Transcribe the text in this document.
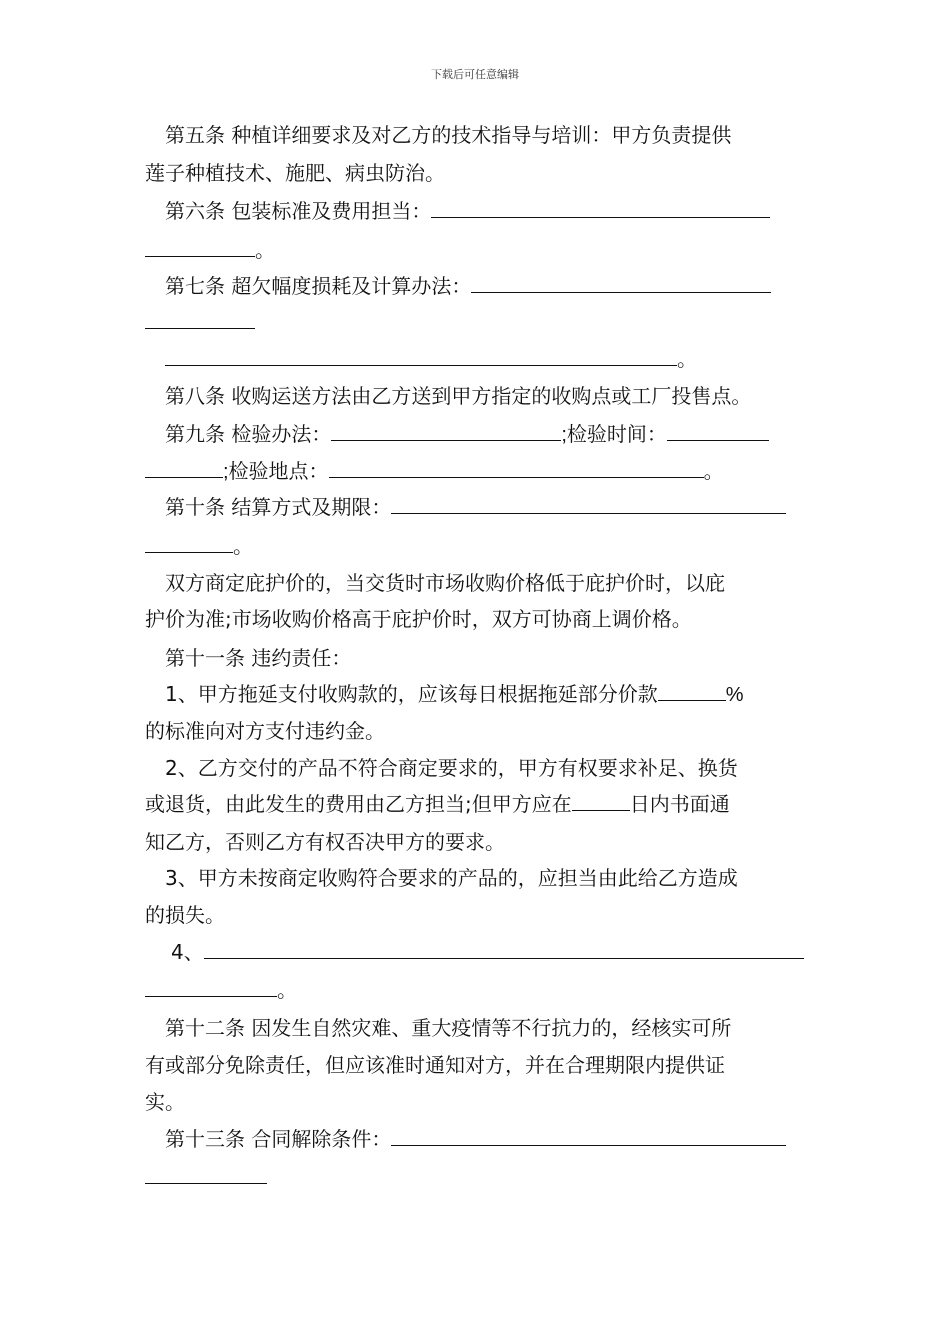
下载后可任意编辑
第五条 种植详细要求及对乙方的技术指导与培训：甲方负责提供
莲子种植技术、施肥、病虫防治。
第六条 包装标准及费用担当：
。
第七条 超欠幅度损耗及计算办法：
。
第八条 收购运送方法由乙方送到甲方指定的收购点或工厂投售点。
第九条 检验办法：	;检验时间：
;检验地点：	。
第十条 结算方式及期限：
。
双方商定庇护价的，当交货时市场收购价格低于庇护价时，以庇
护价为准;市场收购价格高于庇护价时，双方可协商上调价格。
第十一条 违约责任：
1、甲方拖延支付收购款的，应该每日根据拖延部分价款	%
的标准向对方支付违约金。
2、乙方交付的产品不符合商定要求的，甲方有权要求补足、换货
或退货，由此发生的费用由乙方担当;但甲方应在	日内书面通
知乙方，否则乙方有权否决甲方的要求。
3、甲方未按商定收购符合要求的产品的，应担当由此给乙方造成
的损失。
4、
。
第十二条 因发生自然灾难、重大疫情等不行抗力的，经核实可所
有或部分免除责任，但应该准时通知对方，并在合理期限内提供证
实。
第十三条 合同解除条件：
